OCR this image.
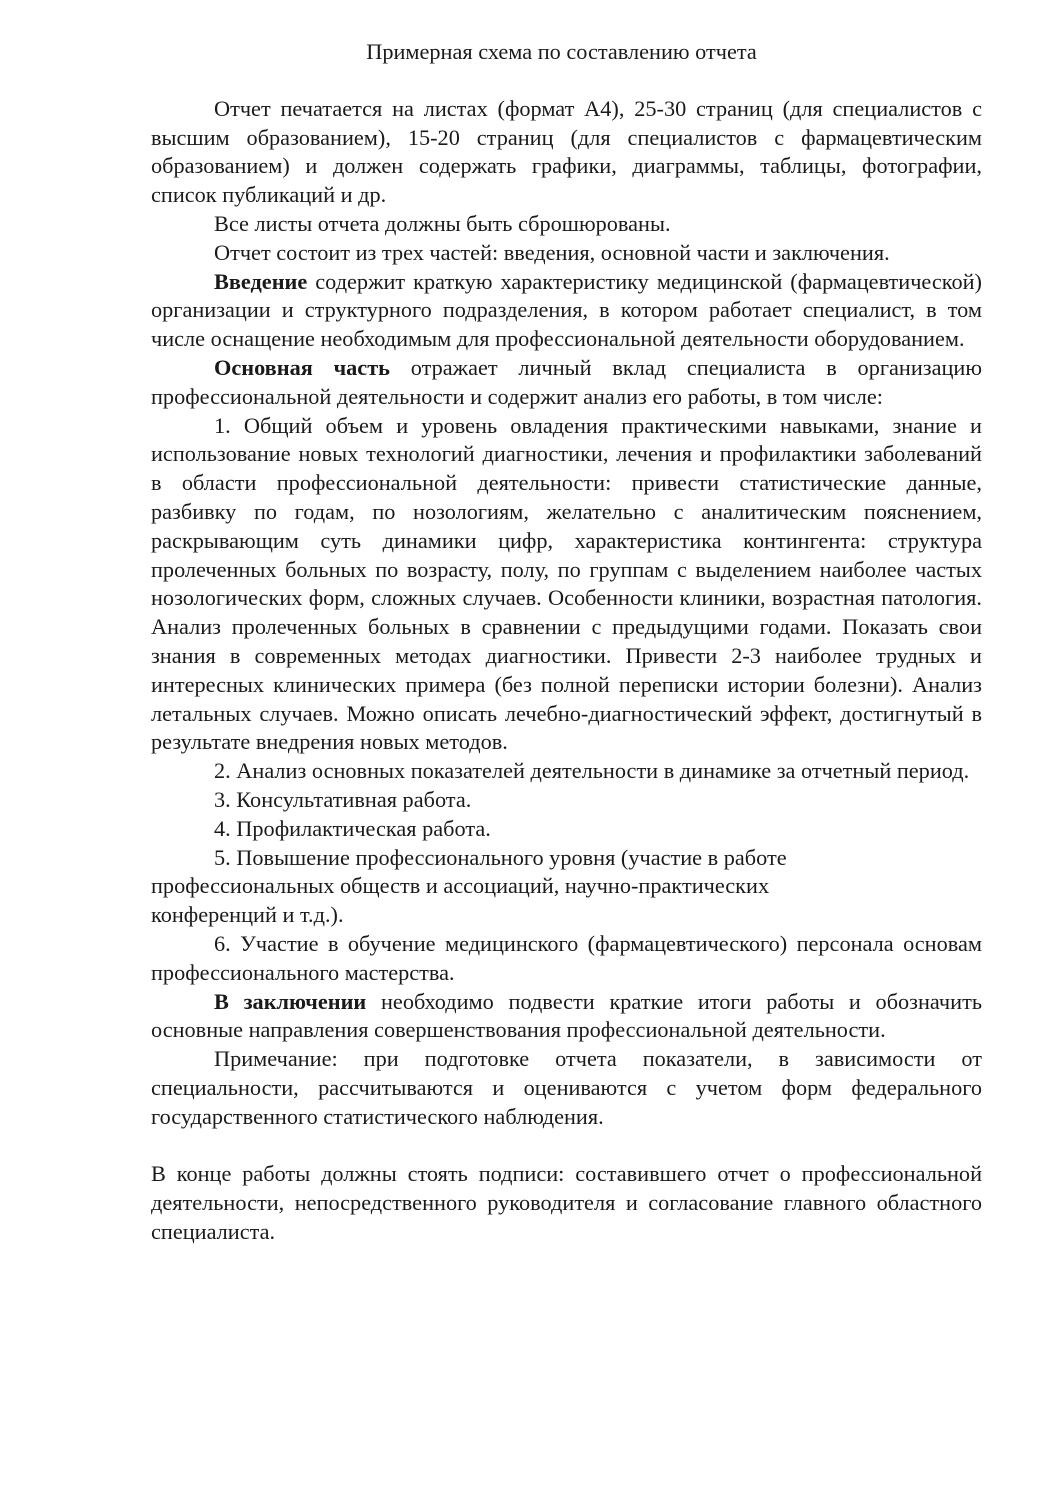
Примерная схема по составлению отчета

Отчет печатается на листах (формат А4), 25-30 страниц (для специалистов с высшим образованием), 15-20 страниц (для специалистов с фармацевтическим образованием) и должен содержать графики, диаграммы, таблицы, фотографии, список публикаций и др.

Все листы отчета должны быть сброшюрованы.

Отчет состоит из трех частей: введения, основной части и заключения.

Введение содержит краткую характеристику медицинской (фармацевтической) организации и структурного подразделения, в котором работает специалист, в том числе оснащение необходимым для профессиональной деятельности оборудованием.

Основная часть отражает личный вклад специалиста в организацию профессиональной деятельности и содержит анализ его работы, в том числе:

1. Общий объем и уровень овладения практическими навыками, знание и использование новых технологий диагностики, лечения и профилактики заболеваний в области профессиональной деятельности: привести статистические данные, разбивку по годам, по нозологиям, желательно с аналитическим пояснением, раскрывающим суть динамики цифр, характеристика контингента: структура пролеченных больных по возрасту, полу, по группам с выделением наиболее частых нозологических форм, сложных случаев. Особенности клиники, возрастная патология. Анализ пролеченных больных в сравнении с предыдущими годами. Показать свои знания в современных методах диагностики. Привести 2-3 наиболее трудных и интересных клинических примера (без полной переписки истории болезни). Анализ летальных случаев. Можно описать лечебно-диагностический эффект, достигнутый в результате внедрения новых методов.

2. Анализ основных показателей деятельности в динамике за отчетный период.

3. Консультативная работа.

4. Профилактическая работа.

5. Повышение профессионального уровня (участие в работе
профессиональных обществ и ассоциаций, научно-практических
конференций и т.д.).

6. Участие в обучение медицинского (фармацевтического) персонала основам профессионального мастерства.

В заключении необходимо подвести краткие итоги работы и обозначить основные направления совершенствования профессиональной деятельности.

Примечание: при подготовке отчета показатели, в зависимости от специальности, рассчитываются и оцениваются с учетом форм федерального государственного статистического наблюдения.

В конце работы должны стоять подписи: составившего отчет о профессиональной деятельности, непосредственного руководителя и согласование главного областного специалиста.
